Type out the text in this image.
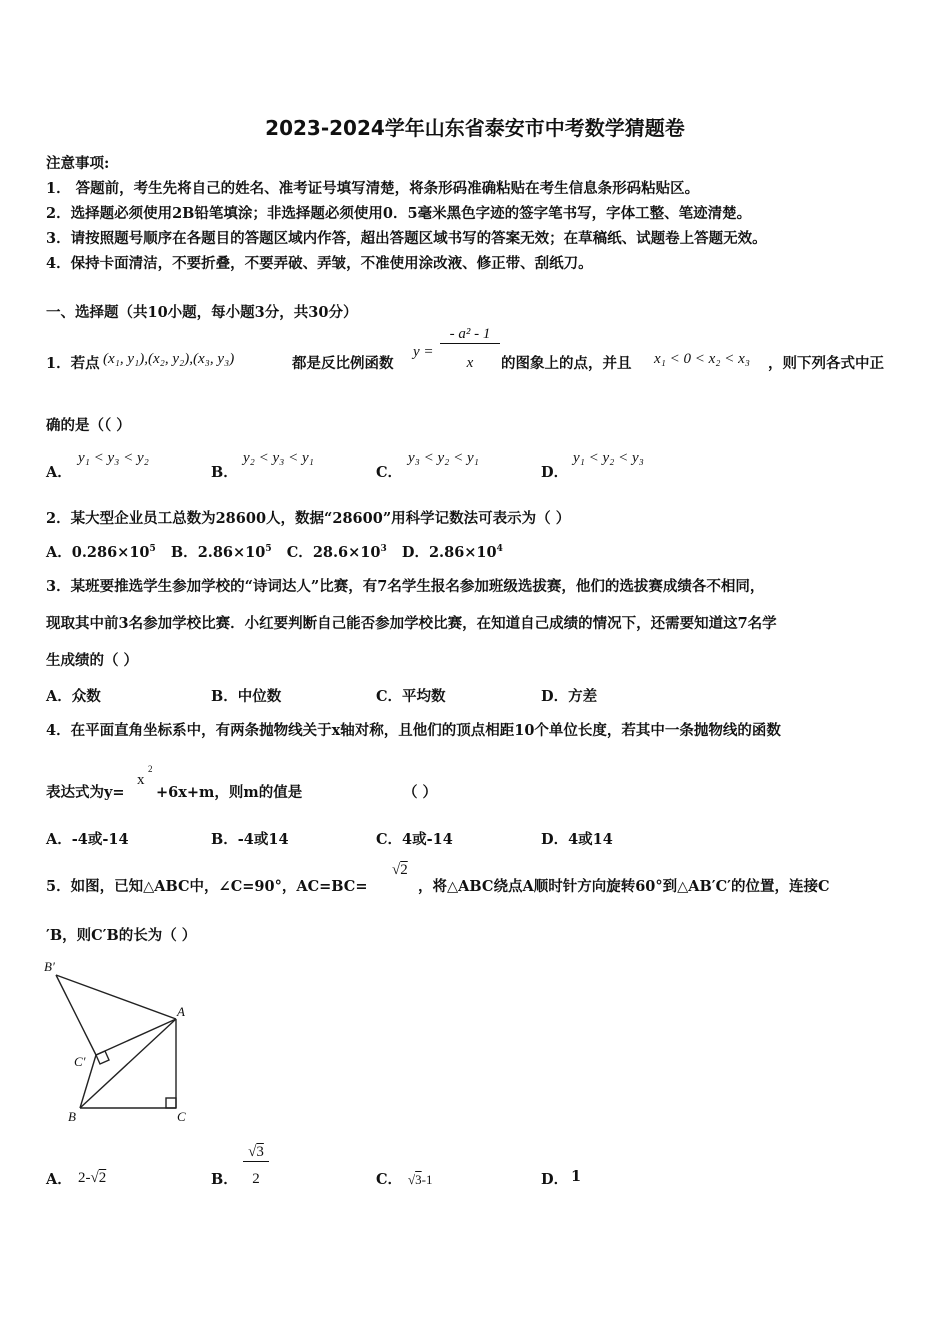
2023-2024学年山东省泰安市中考数学猜题卷
注意事项:
1． 答题前，考生先将自己的姓名、准考证号填写清楚，将条形码准确粘贴在考生信息条形码粘贴区。
2．选择题必须使用2B铅笔填涂；非选择题必须使用0．5毫米黑色字迹的签字笔书写，字体工整、笔迹清楚。
3．请按照题号顺序在各题目的答题区域内作答，超出答题区域书写的答案无效；在草稿纸、试题卷上答题无效。
4．保持卡面清洁，不要折叠，不要弄破、弄皱，不准使用涂改液、修正带、刮纸刀。
一、选择题（共10小题，每小题3分，共30分）
1．若点 (x₁, y₁),(x₂, y₂),(x₃, y₃)	都是反比例函数
y =
- a² - 1
x	的图象上的点，并且 x₁ < 0 < x₂ < x₃ ，则下列各式中正
确的是（（ ）
A．
y₁ < y₃ < y₂
B．
y₂ < y₃ < y₁
C．
y₃ < y₂ < y₁
D．
y₁ < y₂ < y₃
2．某大型企业员工总数为28600人，数据“28600”用科学记数法可表示为（ ）
A．$0.286\times 10^5$ B．$2.86\times 10^5$ C．$28.6\times 10^3$ D．$2.86\times 10^4$
3．某班要推选学生参加学校的“诗词达人”比赛，有7名学生报名参加班级选拔赛，他们的选拔赛成绩各不相同，
现取其中前3名参加学校比赛．小红要判断自己能否参加学校比赛，在知道自己成绩的情况下，还需要知道这7名学
生成绩的（ ）
A．众数	B．中位数	C．平均数	D．方差
4．在平面直角坐标系中，有两条抛物线关于x轴对称，且他们的顶点相距10个单位长度，若其中一条抛物线的函数
表达式为y=
x
2
+6x+m，则m的值是	（ ）
A．-4或-14	B．-4或14	C．4或-14	D．4或14
5．如图，已知△ABC中，∠C=90°，AC=BC=
√2
，将△ABC绕点A顺时针方向旋转60°到△AB′C′的位置，连接C
′B，则C′B的长为（ ）
B′
A
C′
B	C
A． 2-√2	B．
√3
2	C． √3-1	D． 1
